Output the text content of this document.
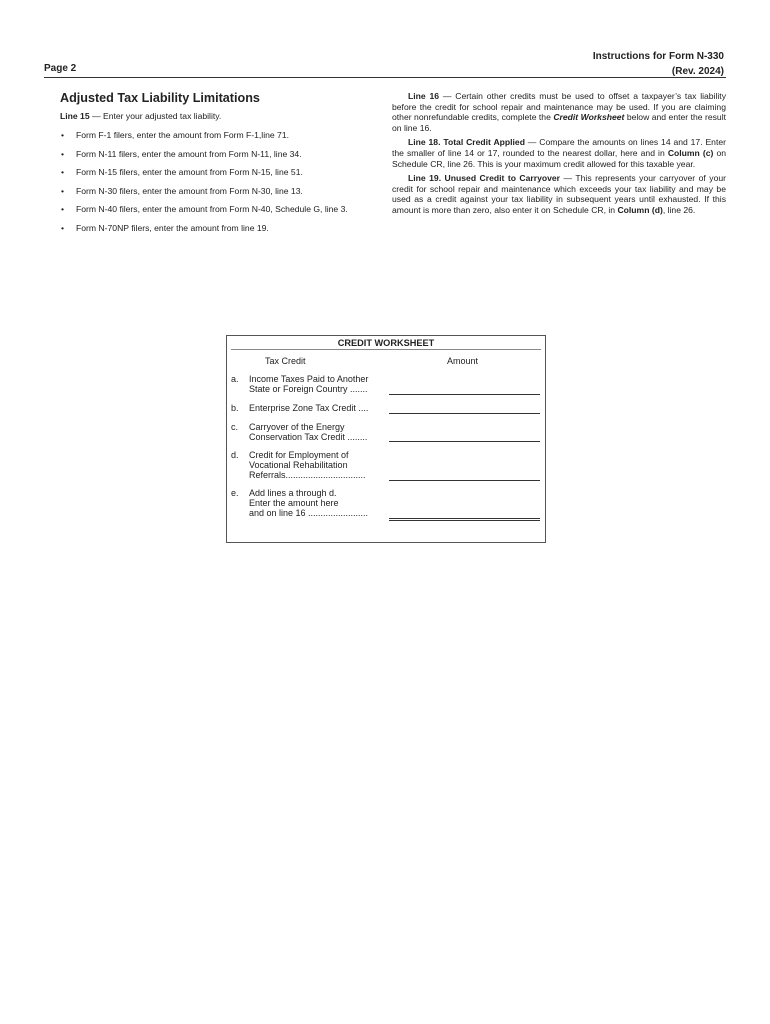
Instructions for Form N-330
(Rev. 2024)
Page 2
Adjusted Tax Liability Limitations
Line 15 — Enter your adjusted tax liability.
• Form F-1 filers, enter the amount from Form F-1,line 71.
• Form N-11 filers, enter the amount from Form N-11, line 34.
• Form N-15 filers, enter the amount from Form N-15, line 51.
• Form N-30 filers, enter the amount from Form N-30, line 13.
• Form N-40 filers, enter the amount from Form N-40, Schedule G, line 3.
• Form N-70NP filers, enter the amount from line 19.

Line 16 — Certain other credits must be used to offset a taxpayer’s tax liability before the credit for school repair and maintenance may be used. If you are claiming other nonrefundable credits, complete the Credit Worksheet below and enter the result on line 16.

Line 18. Total Credit Applied — Compare the amounts on lines 14 and 17. Enter the smaller of line 14 or 17, rounded to the nearest dollar, here and in Column (c) on Schedule CR, line 26. This is your maximum credit allowed for this taxable year.

Line 19. Unused Credit to Carryover — This represents your carryover of your credit for school repair and maintenance which exceeds your tax liability and may be used as a credit against your tax liability in subsequent years until exhausted. If this amount is more than zero, also enter it on Schedule CR, in Column (d), line 26.

CREDIT WORKSHEET
Tax Credit	Amount
a. Income Taxes Paid to Another
State or Foreign Country .......
b. Enterprise Zone Tax Credit ....
c. Carryover of the Energy
Conservation Tax Credit ........
d. Credit for Employment of
Vocational Rehabilitation
Referrals................................
e. Add lines a through d.
Enter the amount here
and on line 16 ........................
